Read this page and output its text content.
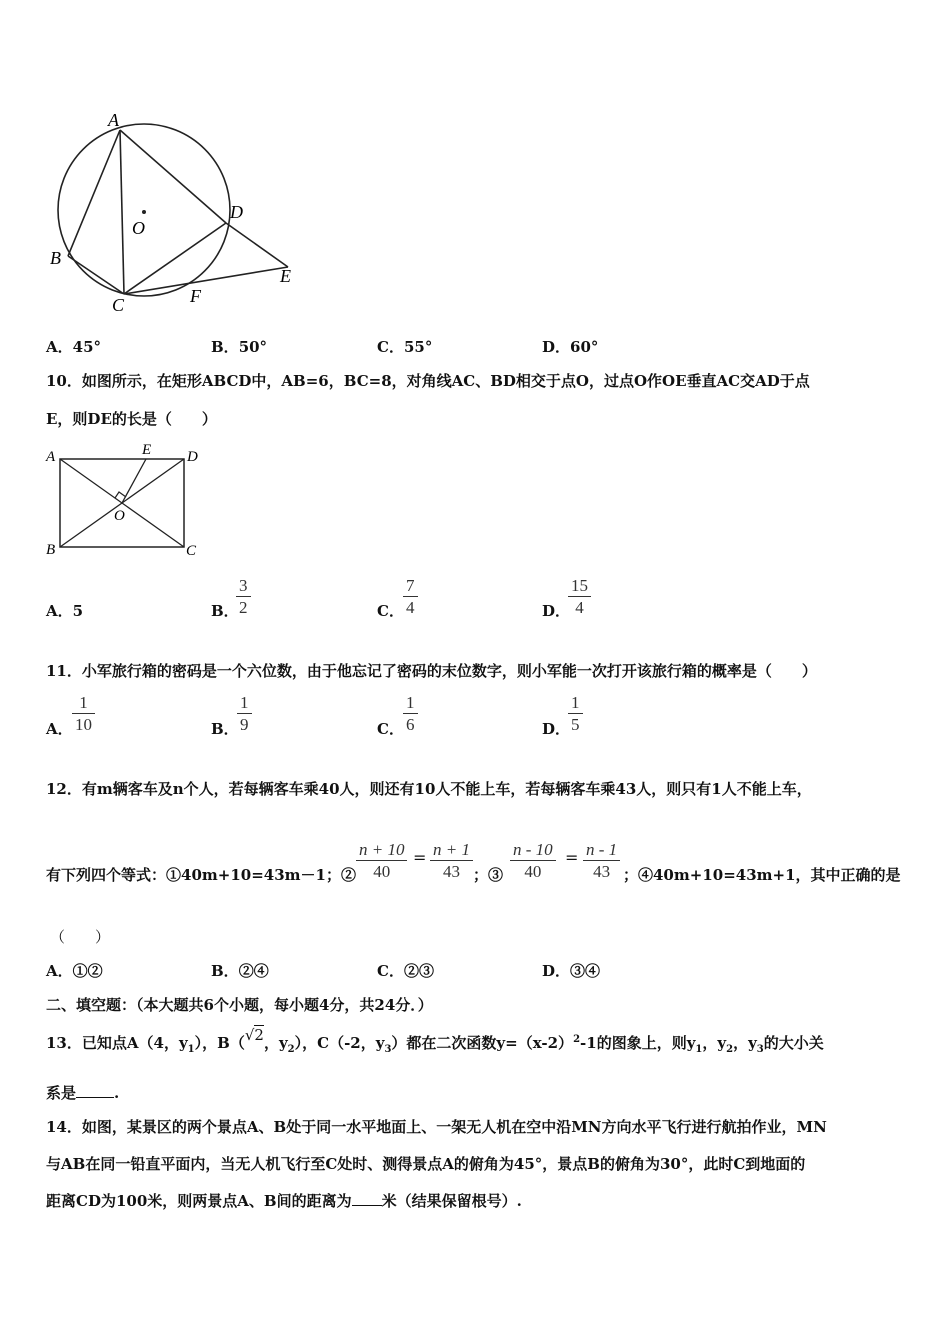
A
B
C
D
E
F
O
A．45°	B．50°	C．55°	D．60°
10．如图所示，在矩形ABCD中，AB=6，BC=8，对角线AC、BD相交于点O，过点O作OE垂直AC交AD于点
E，则DE的长是（　　）
A	D
E
O
B	C
A．5	B．
$\frac{3}{2}$	C． $\frac{7}{4}$	D．
$\frac{15}{4}$
11．小军旅行箱的密码是一个六位数，由于他忘记了密码的末位数字，则小军能一次打开该旅行箱的概率是（　　）
A． $\frac{1}{10}$	B．
$\frac{1}{9}$	C． $\frac{1}{6}$	D．
$\frac{1}{5}$
12．有m辆客车及n个人，若每辆客车乘40人，则还有10人不能上车，若每辆客车乘43人，则只有1人不能上车，
有下列四个等式：①40m+10=43m－1；② $\frac{n + 10}{40} = \frac{n + 1}{43}$ ；③ $\frac{n - 10}{40} = \frac{n - 1}{43}$ ；④40m+10=43m+1，其中正确的是
（　　）
A．①②	B．②④	C．②③	D．③④
二、填空题：（本大题共6个小题，每小题4分，共24分．）
13．已知点A（4，$y_1$），B（√2，$y_2$），C（-2，$y_3$）都在二次函数$y=(x-2)^2-1$的图象上，则$y_1$，$y_2$，$y_3$的大小关
系是	.
14．如图，某景区的两个景点A、B处于同一水平地面上、一架无人机在空中沿MN方向水平飞行进行航拍作业，MN
与AB在同一铅直平面内，当无人机飞行至C处时、测得景点A的俯角为45°，景点B的俯角为30°，此时C到地面的
距离CD为100米，则两景点A、B间的距离为 米（结果保留根号）.
